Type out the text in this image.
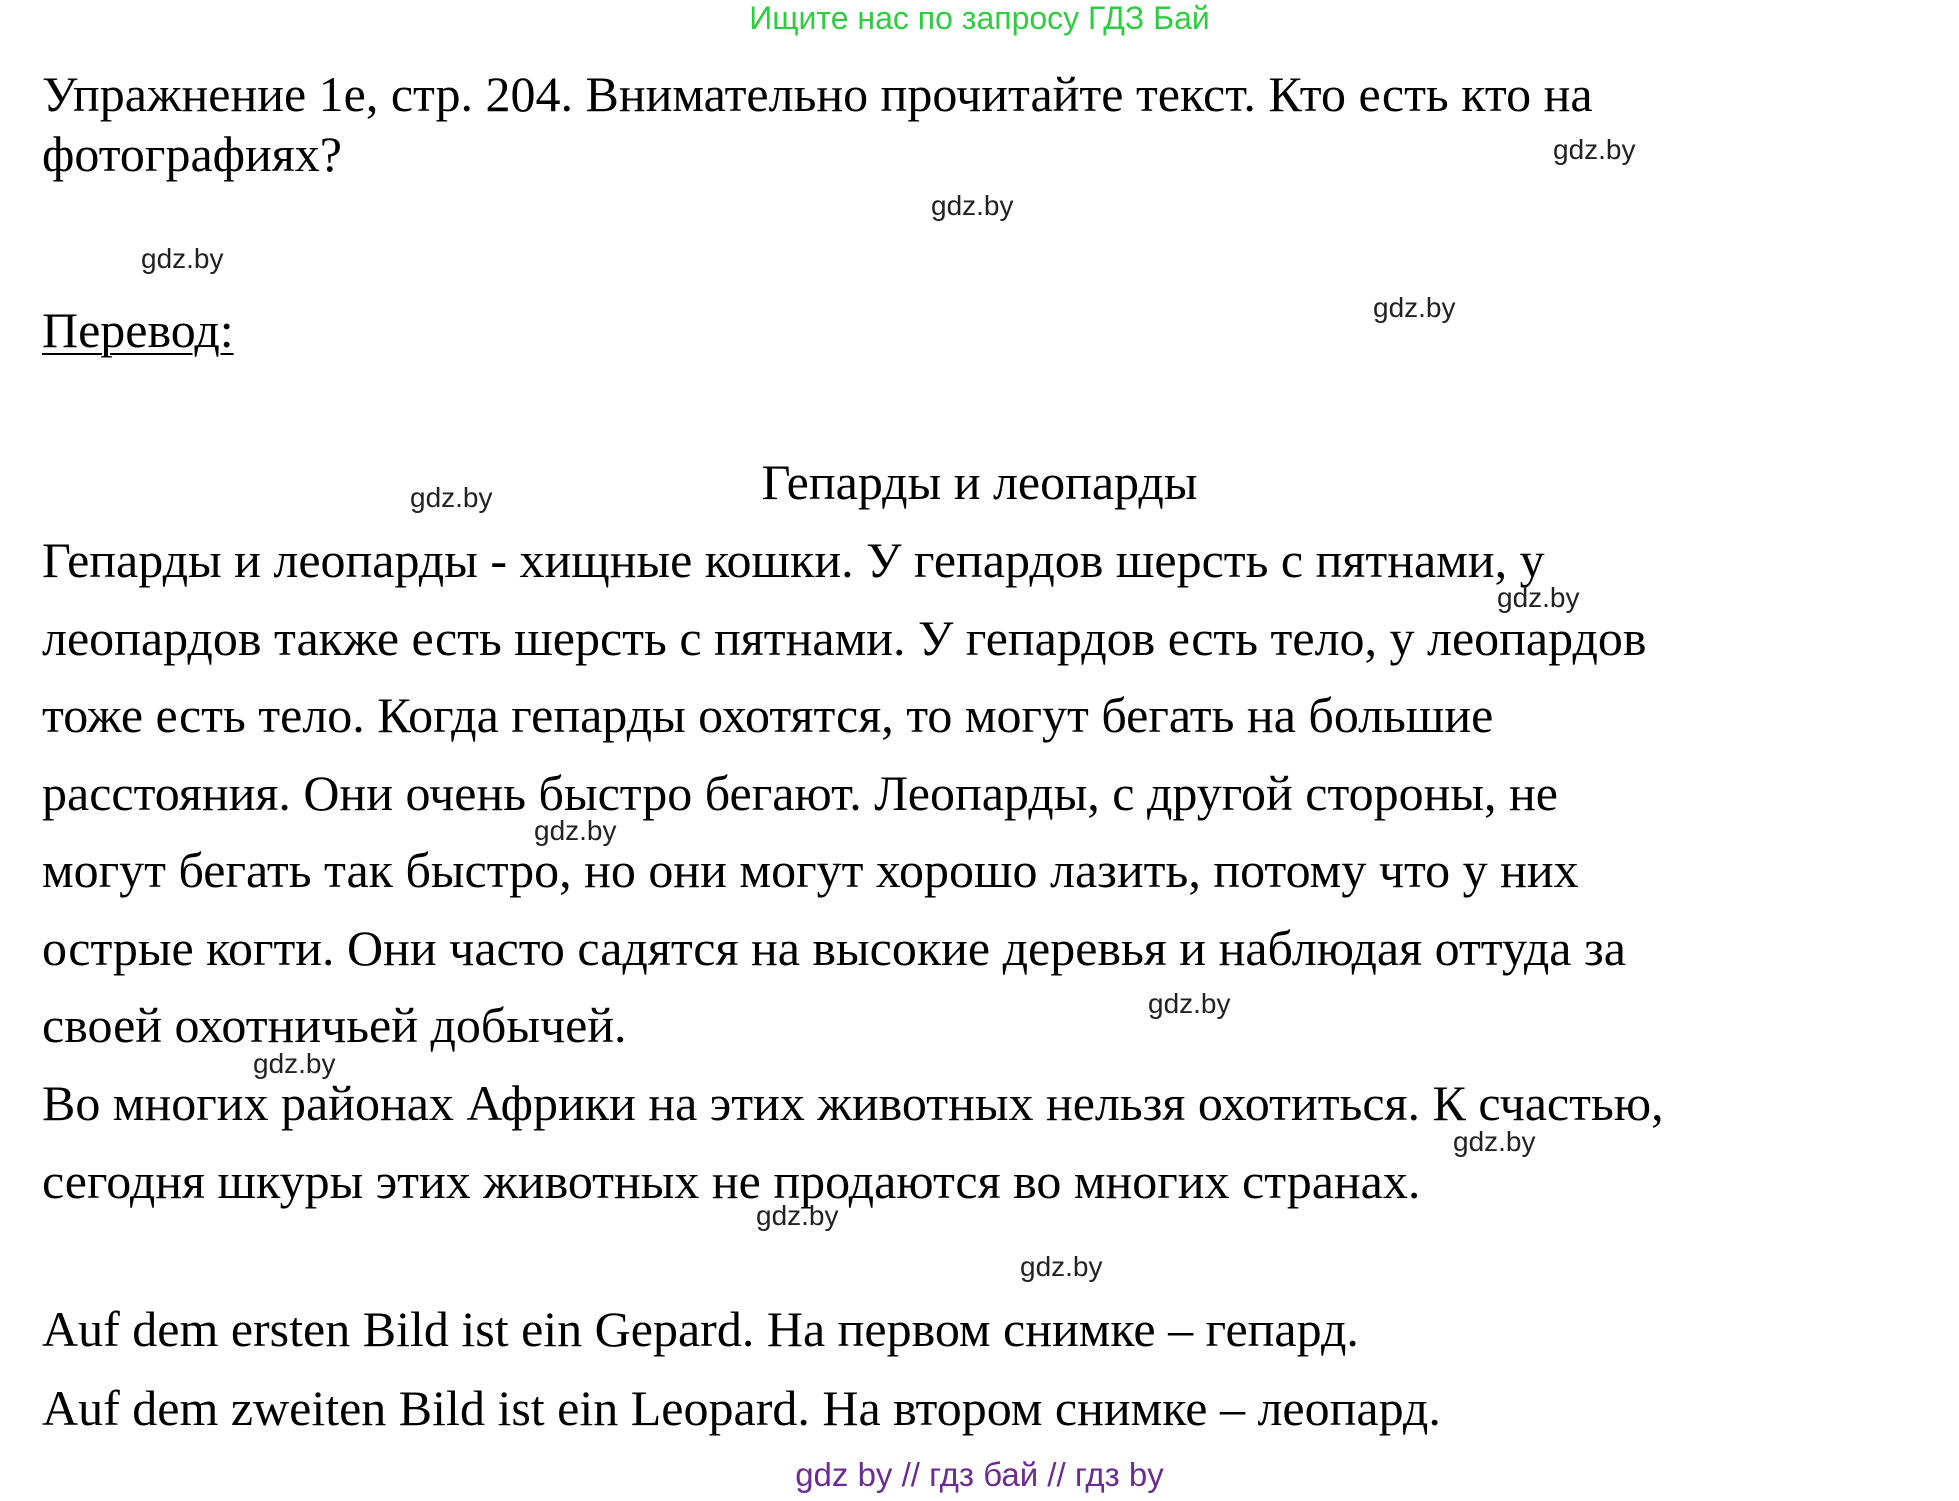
Ищите нас по запросу ГДЗ Бай
Упражнение 1е, стр. 204. Внимательно прочитайте текст. Кто есть кто на
фотографиях?
Перевод:
Гепарды и леопарды
Гепарды и леопарды - хищные кошки. У гепардов шерсть с пятнами, у
леопардов также есть шерсть с пятнами. У гепардов есть тело, у леопардов
тоже есть тело. Когда гепарды охотятся, то могут бегать на большие
расстояния. Они очень быстро бегают. Леопарды, с другой стороны, не
могут бегать так быстро, но они могут хорошо лазить, потому что у них
острые когти. Они часто садятся на высокие деревья и наблюдая оттуда за
своей охотничьей добычей.
Во многих районах Африки на этих животных нельзя охотиться. К счастью,
сегодня шкуры этих животных не продаются во многих странах.
Auf dem ersten Bild ist ein Gepard. На первом снимке – гепард.
Auf dem zweiten Bild ist ein Leopard. На втором снимке – леопард.
gdz.by
gdz.by
gdz.by
gdz.by
gdz.by
gdz.by
gdz.by
gdz.by
gdz.by
gdz.by
gdz.by
gdz.by
gdz by // гдз бай // гдз by
